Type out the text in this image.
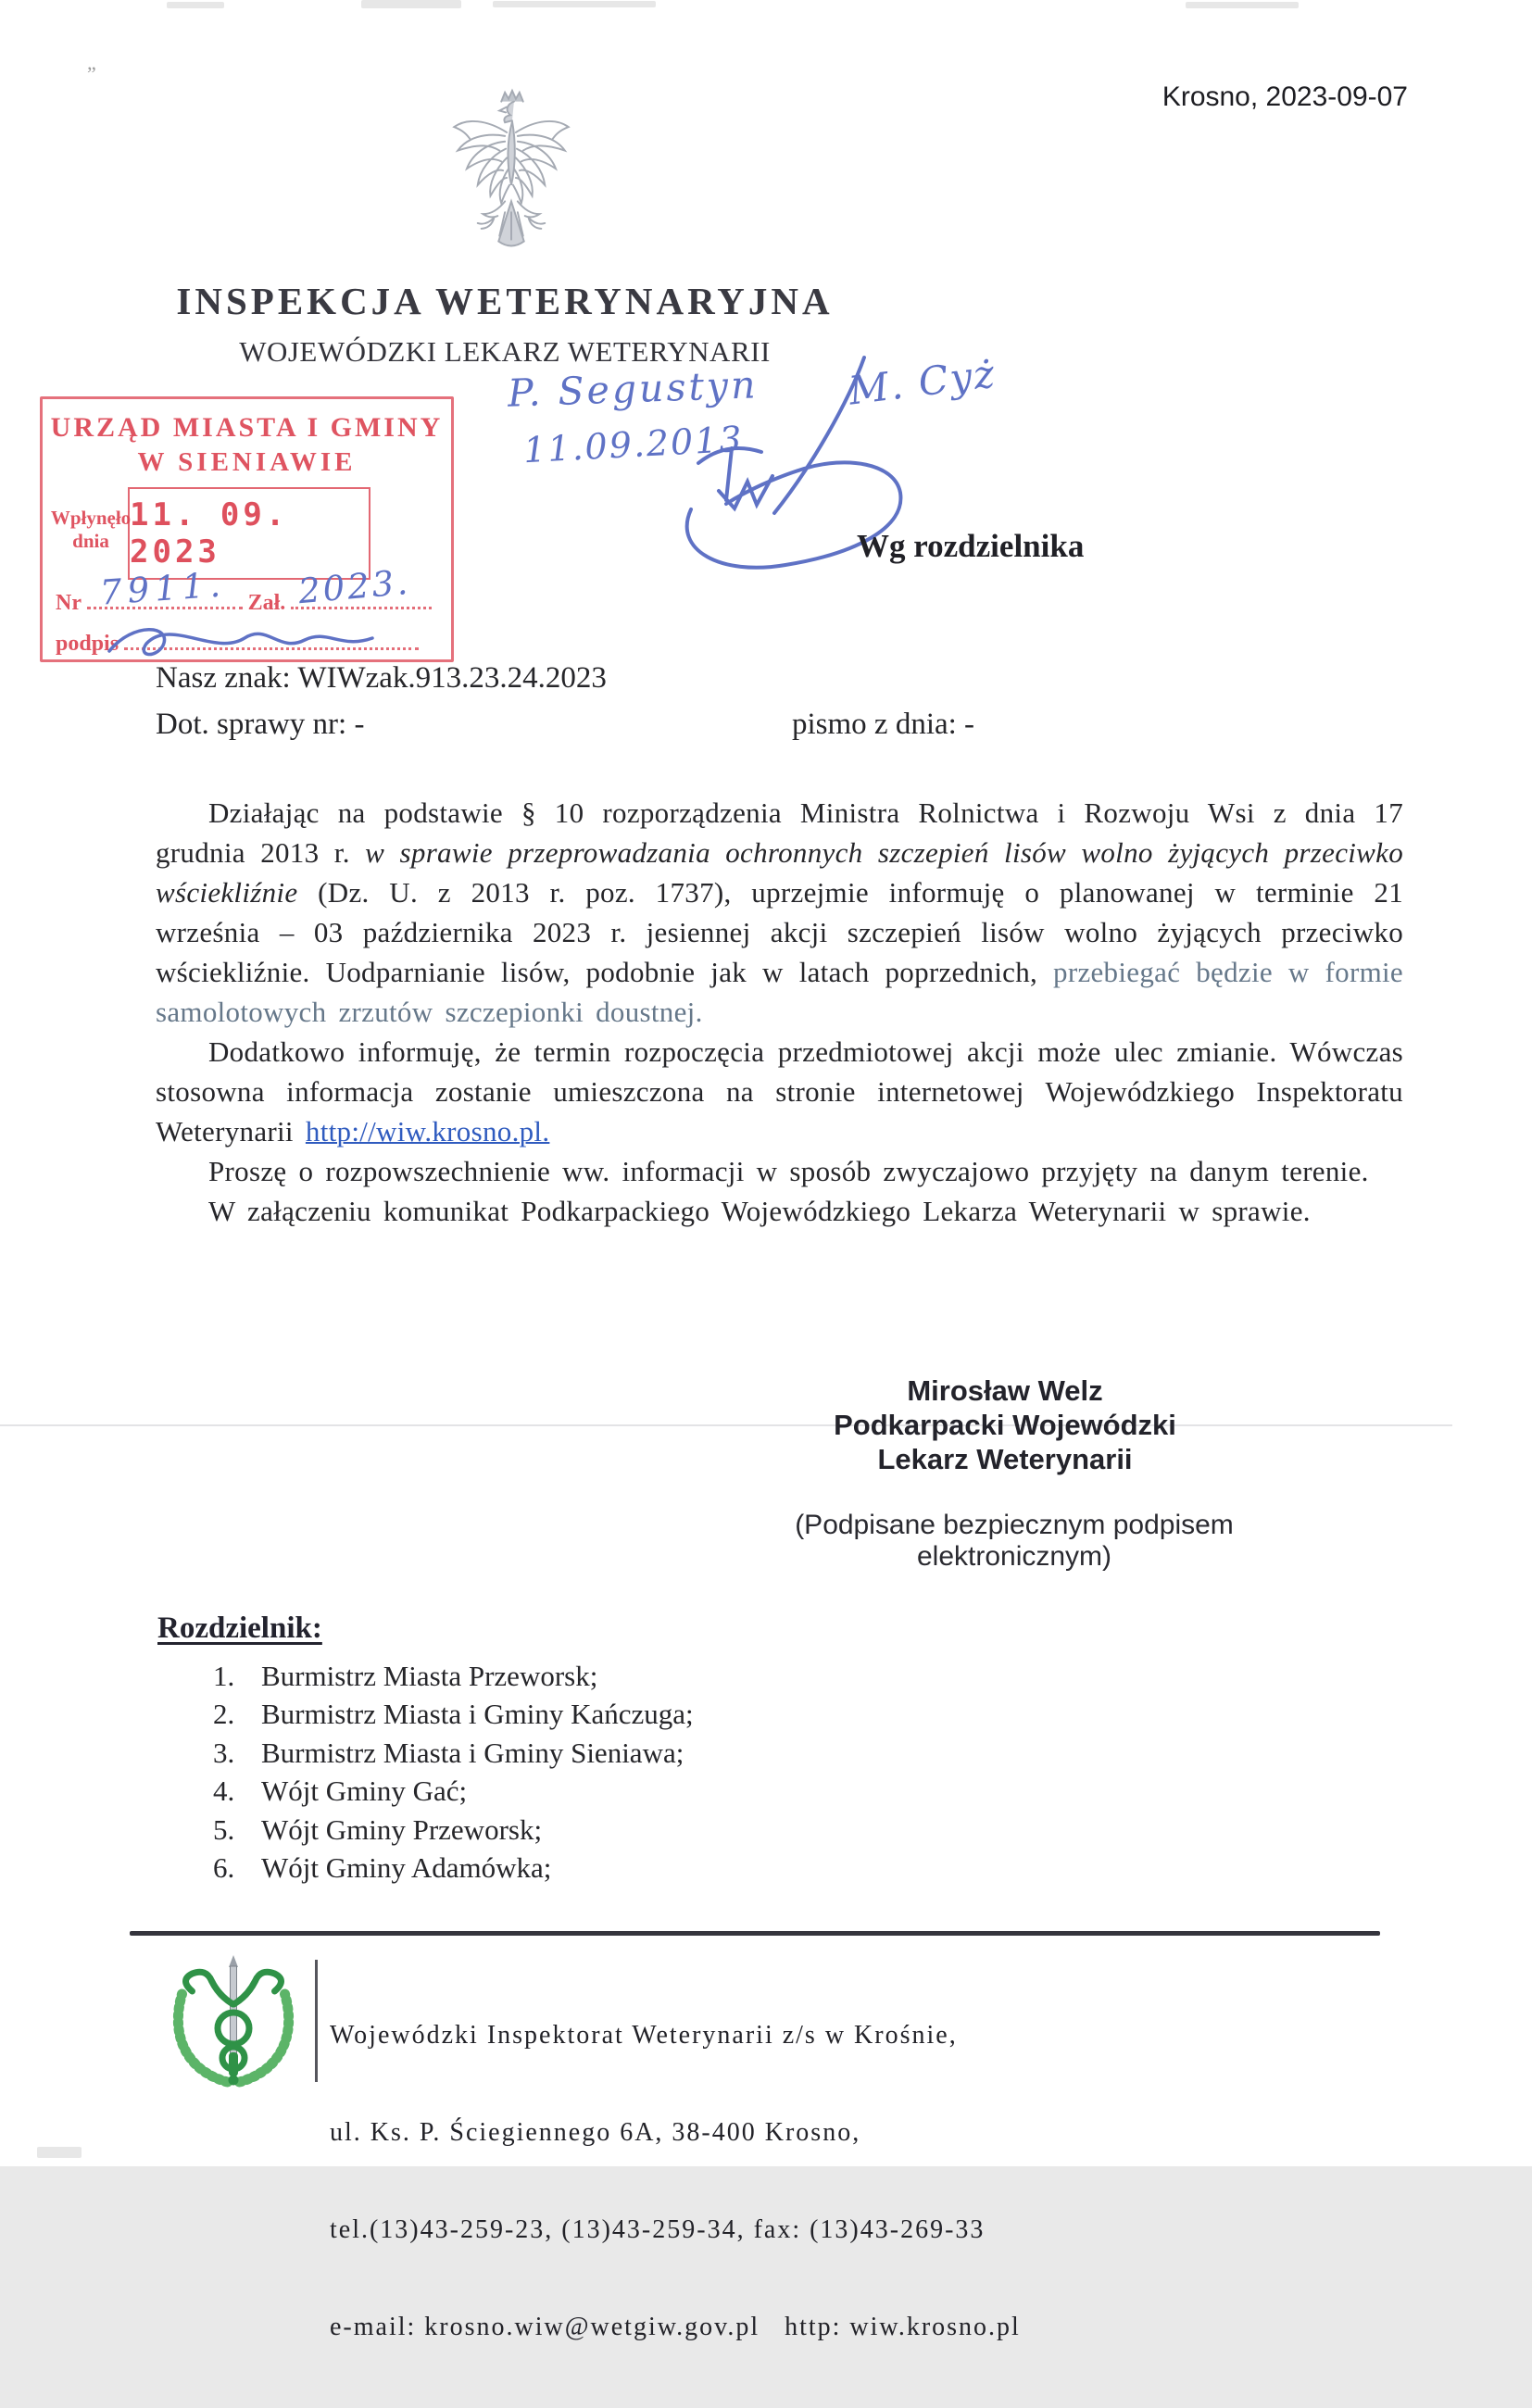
„
Krosno, 2023-09-07
INSPEKCJA WETERYNARYJNA
WOJEWÓDZKI LEKARZ WETERYNARII
URZĄD MIASTA I GMINY
W SIENIAWIE
Wpłynęło
dnia
11. 09. 2023
Nr	Zał.
7911. 2023.
podpis
P. Segustyn M. Cyż
11.09.2013
Wg rozdzielnika
Nasz znak: WIWzak.913.23.24.2023
Dot. sprawy nr: -	pismo z dnia: -

Działając na podstawie § 10 rozporządzenia Ministra Rolnictwa i Rozwoju Wsi z dnia 17 grudnia 2013 r. w sprawie przeprowadzania ochronnych szczepień lisów wolno żyjących przeciwko wściekliźnie (Dz. U. z 2013 r. poz. 1737), uprzejmie informuję o planowanej w terminie 21 września – 03 października 2023 r. jesiennej akcji szczepień lisów wolno żyjących przeciwko wściekliźnie. Uodparnianie lisów, podobnie jak w latach poprzednich, przebiegać będzie w formie samolotowych zrzutów szczepionki doustnej.

Dodatkowo informuję, że termin rozpoczęcia przedmiotowej akcji może ulec zmianie. Wówczas stosowna informacja zostanie umieszczona na stronie internetowej Wojewódzkiego Inspektoratu Weterynarii http://wiw.krosno.pl.

Proszę o rozpowszechnienie ww. informacji w sposób zwyczajowo przyjęty na danym terenie.

W załączeniu komunikat Podkarpackiego Wojewódzkiego Lekarza Weterynarii w sprawie.

Mirosław Welz
Podkarpacki Wojewódzki
Lekarz Weterynarii
(Podpisane bezpiecznym podpisem elektronicznym)
Rozdzielnik:
1. Burmistrz Miasta Przeworsk;
2. Burmistrz Miasta i Gminy Kańczuga;
3. Burmistrz Miasta i Gminy Sieniawa;
4. Wójt Gminy Gać;
5. Wójt Gminy Przeworsk;
6. Wójt Gminy Adamówka;

Wojewódzki Inspektorat Weterynarii z/s w Krośnie,

ul. Ks. P. Ściegiennego 6A, 38-400 Krosno,

tel.(13)43-259-23, (13)43-259-34, fax: (13)43-269-33

e-mail: krosno.wiw@wetgiw.gov.pl   http: wiw.krosno.pl
